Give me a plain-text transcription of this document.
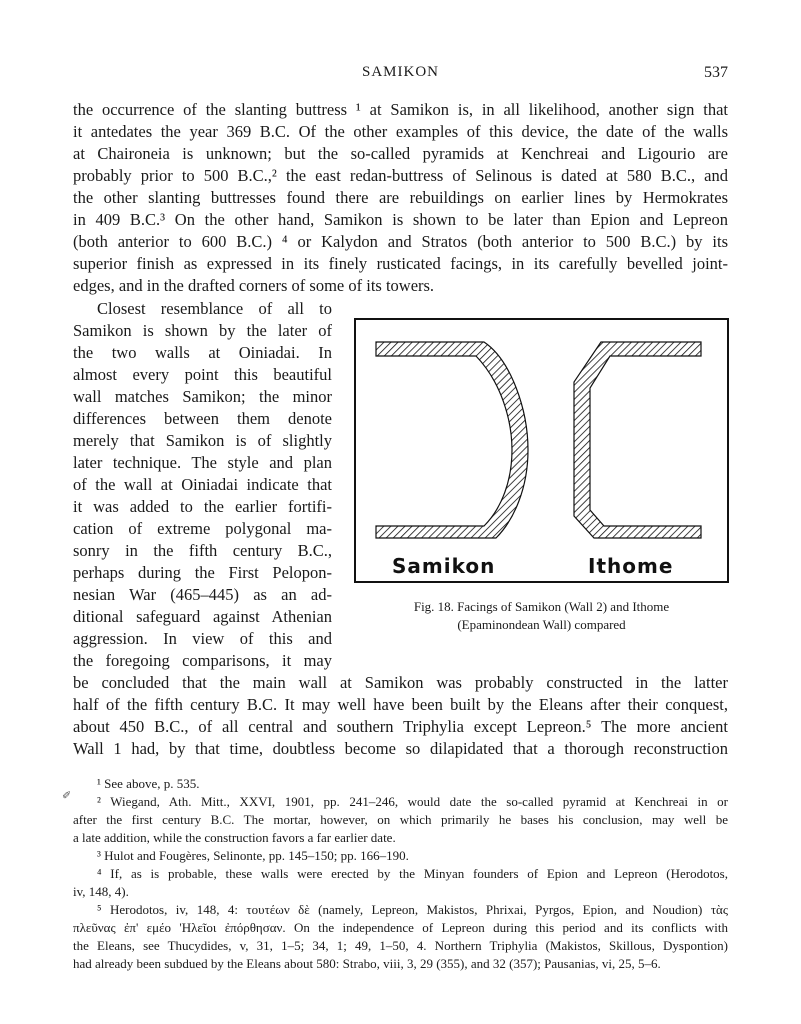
SAMIKON	537
the occurrence of the slanting buttress ¹ at Samikon is, in all likelihood, another sign that
it antedates the year 369 B.C. Of the other examples of this device, the date of the walls
at Chaironeia is unknown; but the so-called pyramids at Kenchreai and Ligourio are
probably prior to 500 B.C.,² the east redan-buttress of Selinous is dated at 580 B.C., and
the other slanting buttresses found there are rebuildings on earlier lines by Hermokrates
in 409 B.C.³ On the other hand, Samikon is shown to be later than Epion and Lepreon
(both anterior to 600 B.C.) ⁴ or Kalydon and Stratos (both anterior to 500 B.C.) by its
superior finish as expressed in its finely rusticated facings, in its carefully bevelled joint-
edges, and in the drafted corners of some of its towers.
Closest resemblance of all to
Samikon is shown by the later of
the two walls at Oiniadai. In
almost every point this beautiful
wall matches Samikon; the minor
differences between them denote
merely that Samikon is of slightly
later technique. The style and plan
of the wall at Oiniadai indicate that
it was added to the earlier fortifi-
cation of extreme polygonal ma-
sonry in the fifth century B.C.,
perhaps during the First Pelopon-
nesian War (465–445) as an ad-
ditional safeguard against Athenian
aggression. In view of this and
the foregoing comparisons, it may
be concluded that the main wall at Samikon was probably constructed in the latter
half of the fifth century B.C. It may well have been built by the Eleans after their conquest,
about 450 B.C., of all central and southern Triphylia except Lepreon.⁵ The more ancient
Wall 1 had, by that time, doubtless become so dilapidated that a thorough reconstruction
Samikon	Ithome
Fig. 18. Facings of Samikon (Wall 2) and Ithome
(Epaminondean Wall) compared
✐
¹ See above, p. 535.
² Wiegand, Ath. Mitt., XXVI, 1901, pp. 241–246, would date the so-called pyramid at Kenchreai in or
after the first century B.C. The mortar, however, on which primarily he bases his conclusion, may well be
a late addition, while the construction favors a far earlier date.
³ Hulot and Fougères, Selinonte, pp. 145–150; pp. 166–190.
⁴ If, as is probable, these walls were erected by the Minyan founders of Epion and Lepreon (Herodotos,
iv, 148, 4).
⁵ Herodotos, iv, 148, 4: τουτέων δὲ (namely, Lepreon, Makistos, Phrixai, Pyrgos, Epion, and Noudion) τὰς
πλεῦνας ἐπ' εμέο 'Ηλεῖοι ἐπόρθησαν. On the independence of Lepreon during this period and its conflicts with
the Eleans, see Thucydides, v, 31, 1–5; 34, 1; 49, 1–50, 4. Northern Triphylia (Makistos, Skillous, Dyspontion)
had already been subdued by the Eleans about 580: Strabo, viii, 3, 29 (355), and 32 (357); Pausanias, vi, 25, 5–6.
